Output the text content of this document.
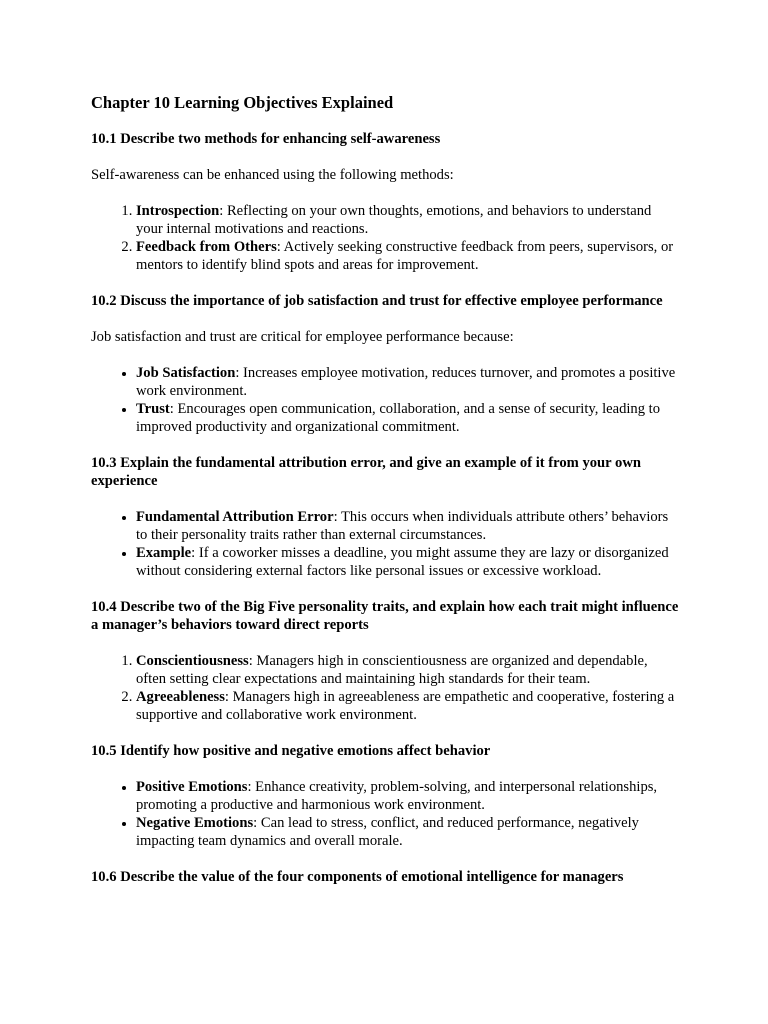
Chapter 10 Learning Objectives Explained
10.1 Describe two methods for enhancing self-awareness

Self-awareness can be enhanced using the following methods:

1. Introspection: Reflecting on your own thoughts, emotions, and behaviors to understand your internal motivations and reactions.
2. Feedback from Others: Actively seeking constructive feedback from peers, supervisors, or mentors to identify blind spots and areas for improvement.
10.2 Discuss the importance of job satisfaction and trust for effective employee performance

Job satisfaction and trust are critical for employee performance because:

• Job Satisfaction: Increases employee motivation, reduces turnover, and promotes a positive work environment.
• Trust: Encourages open communication, collaboration, and a sense of security, leading to improved productivity and organizational commitment.
10.3 Explain the fundamental attribution error, and give an example of it from your own experience
• Fundamental Attribution Error: This occurs when individuals attribute others’ behaviors to their personality traits rather than external circumstances.
• Example: If a coworker misses a deadline, you might assume they are lazy or disorganized without considering external factors like personal issues or excessive workload.
10.4 Describe two of the Big Five personality traits, and explain how each trait might influence a manager’s behaviors toward direct reports
1. Conscientiousness: Managers high in conscientiousness are organized and dependable, often setting clear expectations and maintaining high standards for their team.
2. Agreeableness: Managers high in agreeableness are empathetic and cooperative, fostering a supportive and collaborative work environment.
10.5 Identify how positive and negative emotions affect behavior
• Positive Emotions: Enhance creativity, problem-solving, and interpersonal relationships, promoting a productive and harmonious work environment.
• Negative Emotions: Can lead to stress, conflict, and reduced performance, negatively impacting team dynamics and overall morale.
10.6 Describe the value of the four components of emotional intelligence for managers
